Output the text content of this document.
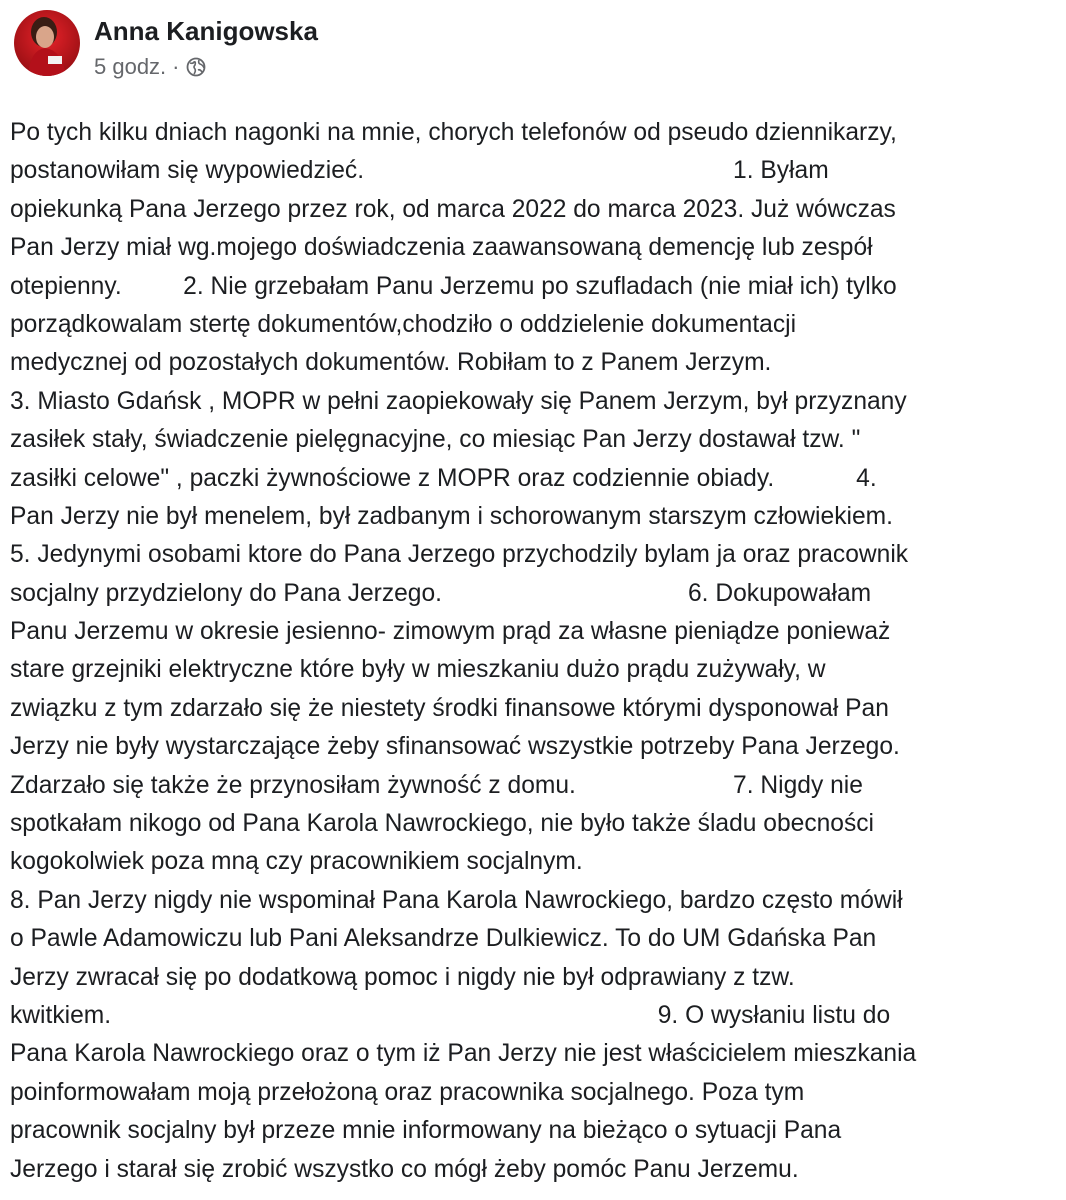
Anna Kanigowska
5 godz. ·
Po tych kilku dniach nagonki na mnie, chorych telefonów od pseudo dziennikarzy,
postanowiłam się wypowiedzieć.                                                      1. Byłam
opiekunką Pana Jerzego przez rok, od marca 2022 do marca 2023. Już wówczas
Pan Jerzy miał wg.mojego doświadczenia zaawansowaną demencję lub zespół
otepienny.         2. Nie grzebałam Panu Jerzemu po szufladach (nie miał ich) tylko
porządkowalam stertę dokumentów,chodziło o oddzielenie dokumentacji
medycznej od pozostałych dokumentów. Robiłam to z Panem Jerzym.
3. Miasto Gdańsk , MOPR w pełni zaopiekowały się Panem Jerzym, był przyznany
zasiłek stały, świadczenie pielęgnacyjne, co miesiąc Pan Jerzy dostawał tzw. "
zasiłki celowe" , paczki żywnościowe z MOPR oraz codziennie obiady.            4.
Pan Jerzy nie był menelem, był zadbanym i schorowanym starszym człowiekiem.
5. Jedynymi osobami ktore do Pana Jerzego przychodzily bylam ja oraz pracownik
socjalny przydzielony do Pana Jerzego.                                    6. Dokupowałam
Panu Jerzemu w okresie jesienno- zimowym prąd za własne pieniądze ponieważ
stare grzejniki elektryczne które były w mieszkaniu dużo prądu zużywały, w
związku z tym zdarzało się że niestety środki finansowe którymi dysponował Pan
Jerzy nie były wystarczające żeby sfinansować wszystkie potrzeby Pana Jerzego.
Zdarzało się także że przynosiłam żywność z domu.                       7. Nigdy nie
spotkałam nikogo od Pana Karola Nawrockiego, nie było także śladu obecności
kogokolwiek poza mną czy pracownikiem socjalnym.
8. Pan Jerzy nigdy nie wspominał Pana Karola Nawrockiego, bardzo często mówił
o Pawle Adamowiczu lub Pani Aleksandrze Dulkiewicz. To do UM Gdańska Pan
Jerzy zwracał się po dodatkową pomoc i nigdy nie był odprawiany z tzw.
kwitkiem.                                                                                9. O wysłaniu listu do
Pana Karola Nawrockiego oraz o tym iż Pan Jerzy nie jest właścicielem mieszkania
poinformowałam moją przełożoną oraz pracownika socjalnego. Poza tym
pracownik socjalny był przeze mnie informowany na bieżąco o sytuacji Pana
Jerzego i starał się zrobić wszystko co mógł żeby pomóc Panu Jerzemu.
